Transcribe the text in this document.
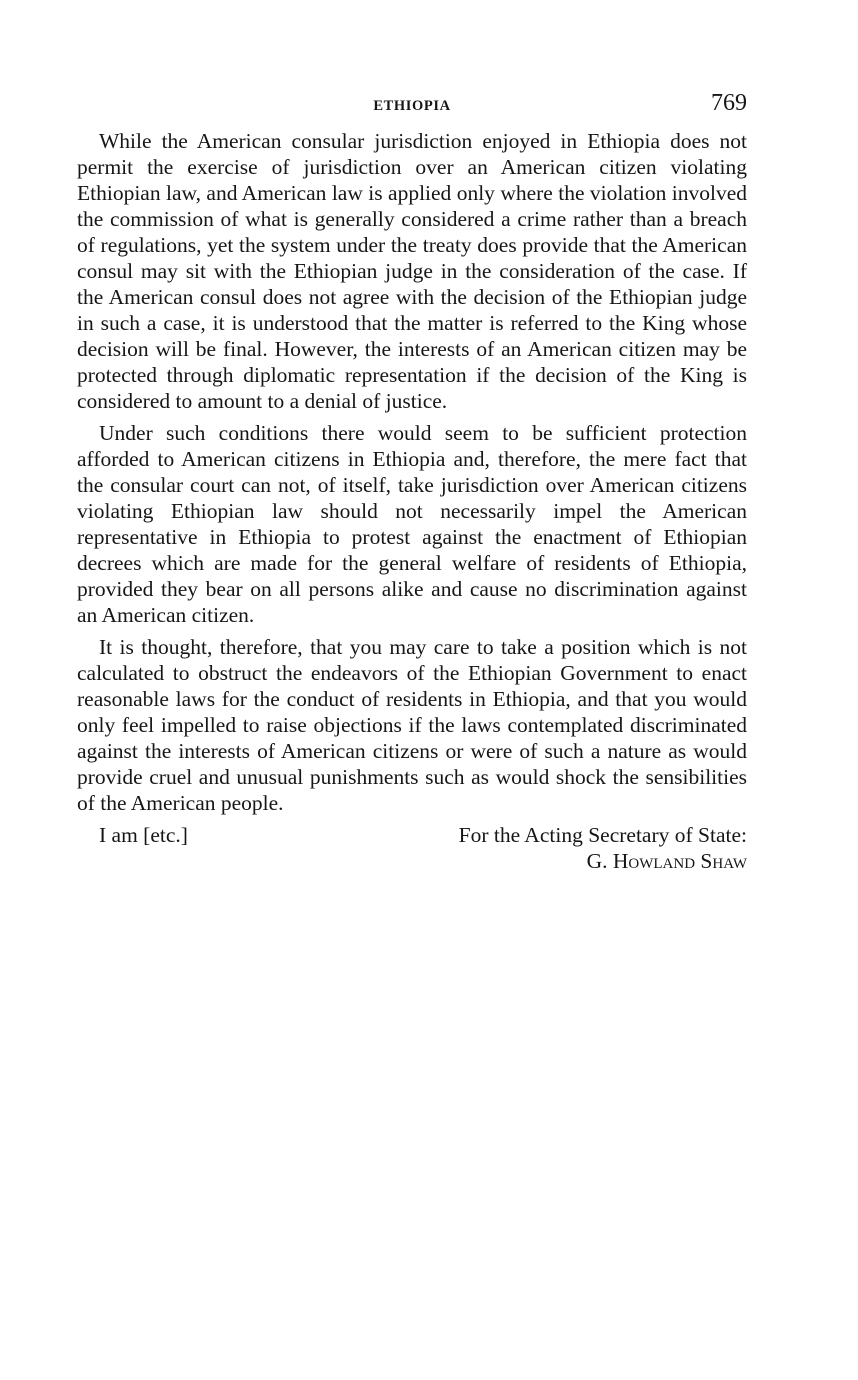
ETHIOPIA	769

While the American consular jurisdiction enjoyed in Ethiopia does not permit the exercise of jurisdiction over an American citizen violating Ethiopian law, and American law is applied only where the violation involved the commission of what is generally considered a crime rather than a breach of regulations, yet the system under the treaty does provide that the American consul may sit with the Ethiopian judge in the consideration of the case. If the American consul does not agree with the decision of the Ethiopian judge in such a case, it is understood that the matter is referred to the King whose decision will be final. However, the interests of an American citizen may be protected through diplomatic representation if the decision of the King is considered to amount to a denial of justice.

Under such conditions there would seem to be sufficient protection afforded to American citizens in Ethiopia and, therefore, the mere fact that the consular court can not, of itself, take jurisdiction over American citizens violating Ethiopian law should not necessarily impel the American representative in Ethiopia to protest against the enactment of Ethiopian decrees which are made for the general welfare of residents of Ethiopia, provided they bear on all persons alike and cause no discrimination against an American citizen.

It is thought, therefore, that you may care to take a position which is not calculated to obstruct the endeavors of the Ethiopian Government to enact reasonable laws for the conduct of residents in Ethiopia, and that you would only feel impelled to raise objections if the laws contemplated discriminated against the interests of American citizens or were of such a nature as would provide cruel and unusual punishments such as would shock the sensibilities of the American people.

I am [etc.]	For the Acting Secretary of State:
G. Howland Shaw
